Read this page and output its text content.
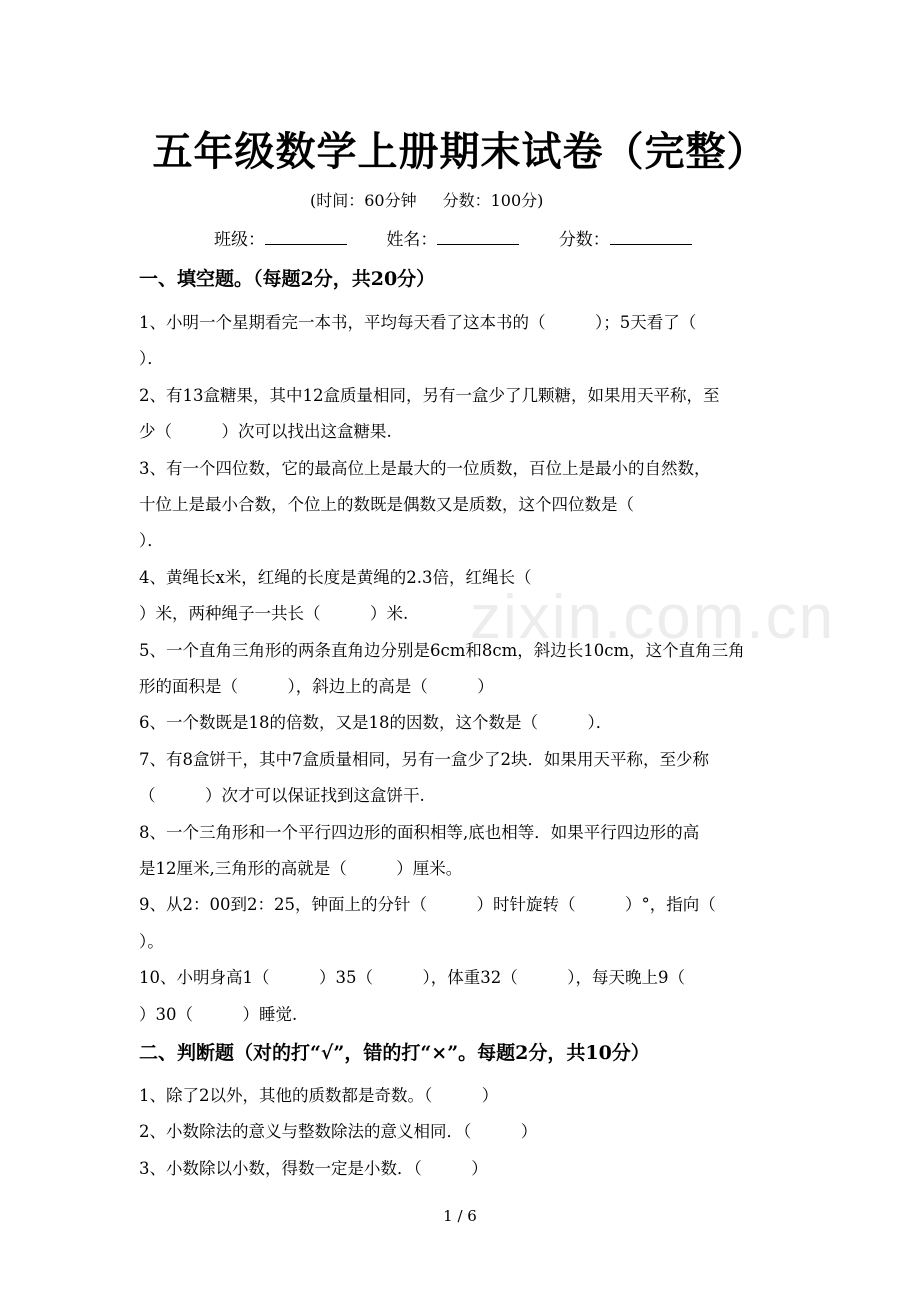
zixin.com.cn
五年级数学上册期末试卷（完整）
(时间：60分钟 分数：100分)
班级：	姓名：	分数：
一、填空题。（每题2分，共20分）
1、小明一个星期看完一本书，平均每天看了这本书的（　　　）；5天看了（
）．
2、有13盒糖果，其中12盒质量相同，另有一盒少了几颗糖，如果用天平称，至
少（　　　）次可以找出这盒糖果.
3、有一个四位数，它的最高位上是最大的一位质数，百位上是最小的自然数，
十位上是最小合数，个位上的数既是偶数又是质数，这个四位数是（
）．
4、黄绳长x米，红绳的长度是黄绳的2.3倍，红绳长（
）米，两种绳子一共长（　　　）米.
5、一个直角三角形的两条直角边分别是6cm和8cm，斜边长10cm，这个直角三角
形的面积是（　　　），斜边上的高是（　　　）
6、一个数既是18的倍数，又是18的因数，这个数是（　　　）．
7、有8盒饼干，其中7盒质量相同，另有一盒少了2块．如果用天平称，至少称
（　　　）次才可以保证找到这盒饼干.
8、一个三角形和一个平行四边形的面积相等,底也相等．如果平行四边形的高
是12厘米,三角形的高就是（　　　）厘米。
9、从2：00到2：25，钟面上的分针（　　　）时针旋转（　　　）°，指向（
）。
10、小明身高1（　　　）35（　　　），体重32（　　　），每天晚上9（
）30（　　　）睡觉.
二、判断题（对的打“√”，错的打“×”。每题2分，共10分）
1、除了2以外，其他的质数都是奇数。（　　　）
2、小数除法的意义与整数除法的意义相同．（　　　）
3、小数除以小数，得数一定是小数．（　　　）
1 / 6
